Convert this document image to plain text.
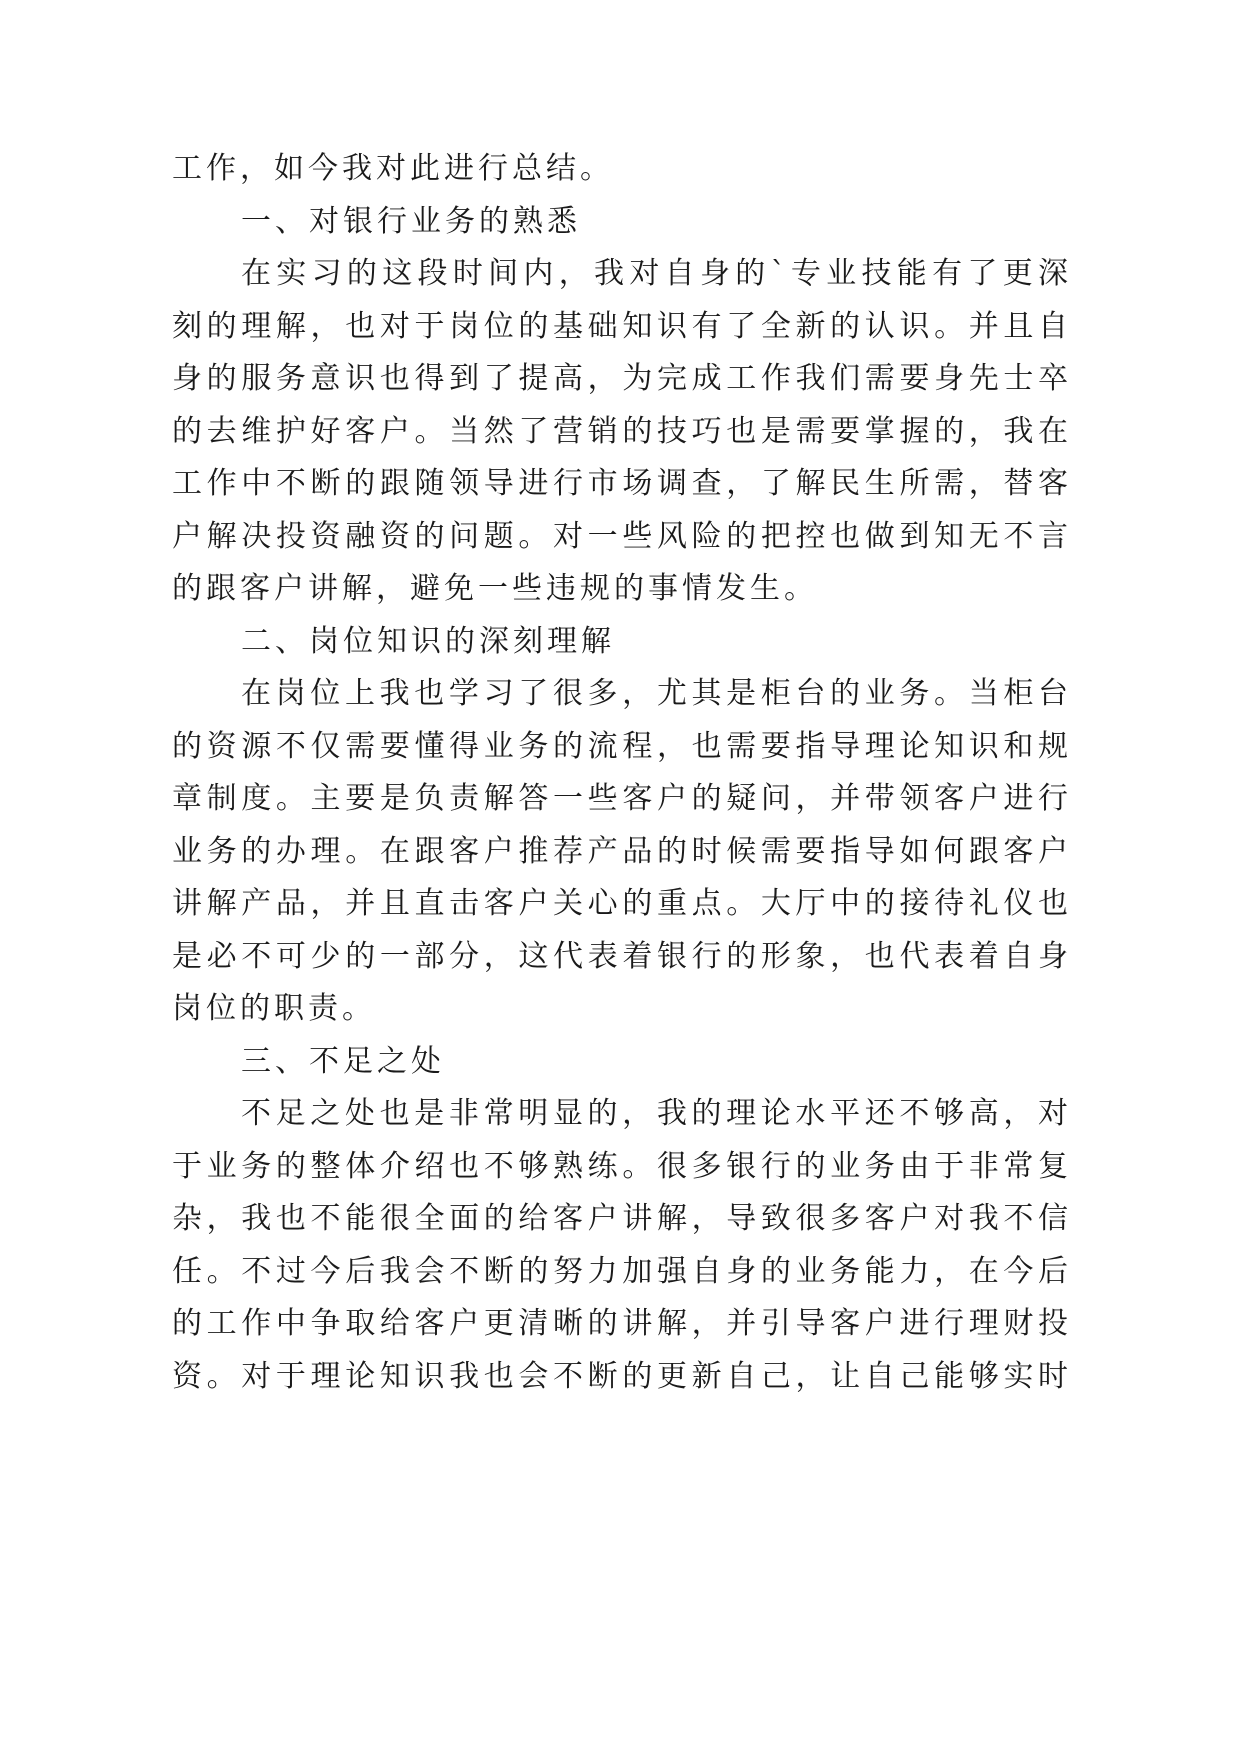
工作，如今我对此进行总结。
一、对银行业务的熟悉
在实习的这段时间内，我对自身的`专业技能有了更深
刻的理解，也对于岗位的基础知识有了全新的认识。并且自
身的服务意识也得到了提高，为完成工作我们需要身先士卒
的去维护好客户。当然了营销的技巧也是需要掌握的，我在
工作中不断的跟随领导进行市场调查，了解民生所需，替客
户解决投资融资的问题。对一些风险的把控也做到知无不言
的跟客户讲解，避免一些违规的事情发生。
二、岗位知识的深刻理解
在岗位上我也学习了很多，尤其是柜台的业务。当柜台
的资源不仅需要懂得业务的流程，也需要指导理论知识和规
章制度。主要是负责解答一些客户的疑问，并带领客户进行
业务的办理。在跟客户推荐产品的时候需要指导如何跟客户
讲解产品，并且直击客户关心的重点。大厅中的接待礼仪也
是必不可少的一部分，这代表着银行的形象，也代表着自身
岗位的职责。
三、不足之处
不足之处也是非常明显的，我的理论水平还不够高，对
于业务的整体介绍也不够熟练。很多银行的业务由于非常复
杂，我也不能很全面的给客户讲解，导致很多客户对我不信
任。不过今后我会不断的努力加强自身的业务能力，在今后
的工作中争取给客户更清晰的讲解，并引导客户进行理财投
资。对于理论知识我也会不断的更新自己，让自己能够实时
